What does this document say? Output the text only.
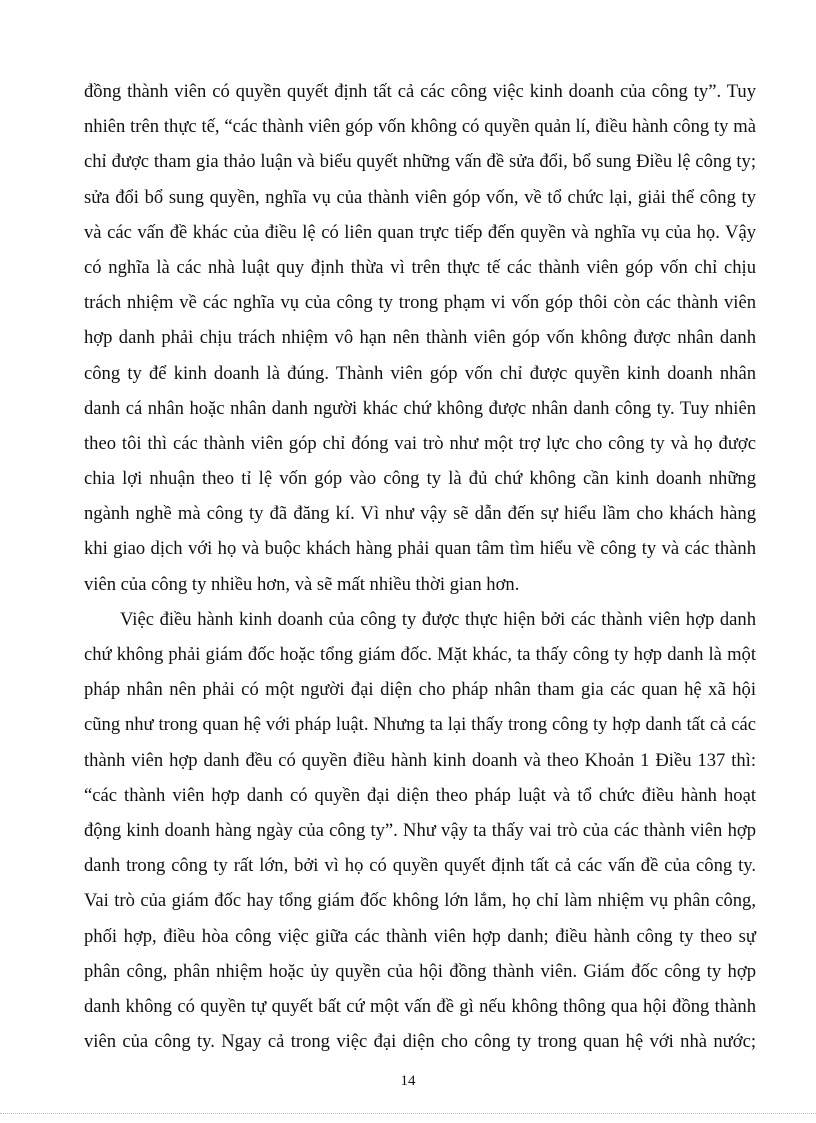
đồng thành viên có quyền quyết định tất cả các công việc kinh doanh của công ty”. Tuy
nhiên trên thực tế, “các thành viên góp vốn không có quyền quản lí, điều hành công ty mà
chỉ được tham gia thảo luận và biểu quyết những vấn đề sửa đổi, bổ sung Điều lệ công ty;
sửa đổi bổ sung quyền, nghĩa vụ của thành viên góp vốn, về tổ chức lại, giải thể công ty
và các vấn đề khác của điều lệ có liên quan trực tiếp đến quyền và nghĩa vụ của họ. Vậy
có nghĩa là các nhà luật quy định thừa vì trên thực tế các thành viên góp vốn chỉ chịu
trách nhiệm về các nghĩa vụ của công ty trong phạm vi vốn góp thôi còn các thành viên
hợp danh phải chịu trách nhiệm vô hạn nên thành viên góp vốn không được nhân danh
công ty để kinh doanh là đúng. Thành viên góp vốn chỉ được quyền kinh doanh nhân
danh cá nhân hoặc nhân danh người khác chứ không được nhân danh công ty. Tuy nhiên
theo tôi thì các thành viên góp chỉ đóng vai trò như một trợ lực cho công ty và họ được
chia lợi nhuận theo tỉ lệ vốn góp vào công ty là đủ chứ không cần kinh doanh những
ngành nghề mà công ty đã đăng kí. Vì như vậy sẽ dẫn đến sự hiểu lầm cho khách hàng
khi giao dịch với họ và buộc khách hàng phải quan tâm tìm hiểu về công ty và các thành
viên của công ty nhiều hơn, và sẽ mất nhiều thời gian hơn.
Việc điều hành kinh doanh của công ty được thực hiện bởi các thành viên hợp danh
chứ không phải giám đốc hoặc tổng giám đốc. Mặt khác, ta thấy công ty hợp danh là một
pháp nhân nên phải có một người đại diện cho pháp nhân tham gia các quan hệ xã hội
cũng như trong quan hệ với pháp luật. Nhưng ta lại thấy trong công ty hợp danh tất cả các
thành viên hợp danh đều có quyền điều hành kinh doanh và theo Khoản 1 Điều 137 thì:
“các thành viên hợp danh có quyền đại diện theo pháp luật và tổ chức điều hành hoạt
động kinh doanh hàng ngày của công ty”. Như vậy ta thấy vai trò của các thành viên hợp
danh trong công ty rất lớn, bởi vì họ có quyền quyết định tất cả các vấn đề của công ty.
Vai trò của giám đốc hay tổng giám đốc không lớn lắm, họ chỉ làm nhiệm vụ phân công,
phối hợp, điều hòa công việc giữa các thành viên hợp danh; điều hành công ty theo sự
phân công, phân nhiệm hoặc ủy quyền của hội đồng thành viên. Giám đốc công ty hợp
danh không có quyền tự quyết bất cứ một vấn đề gì nếu không thông qua hội đồng thành
viên của công ty. Ngay cả trong việc đại diện cho công ty trong quan hệ với nhà nước;
14
